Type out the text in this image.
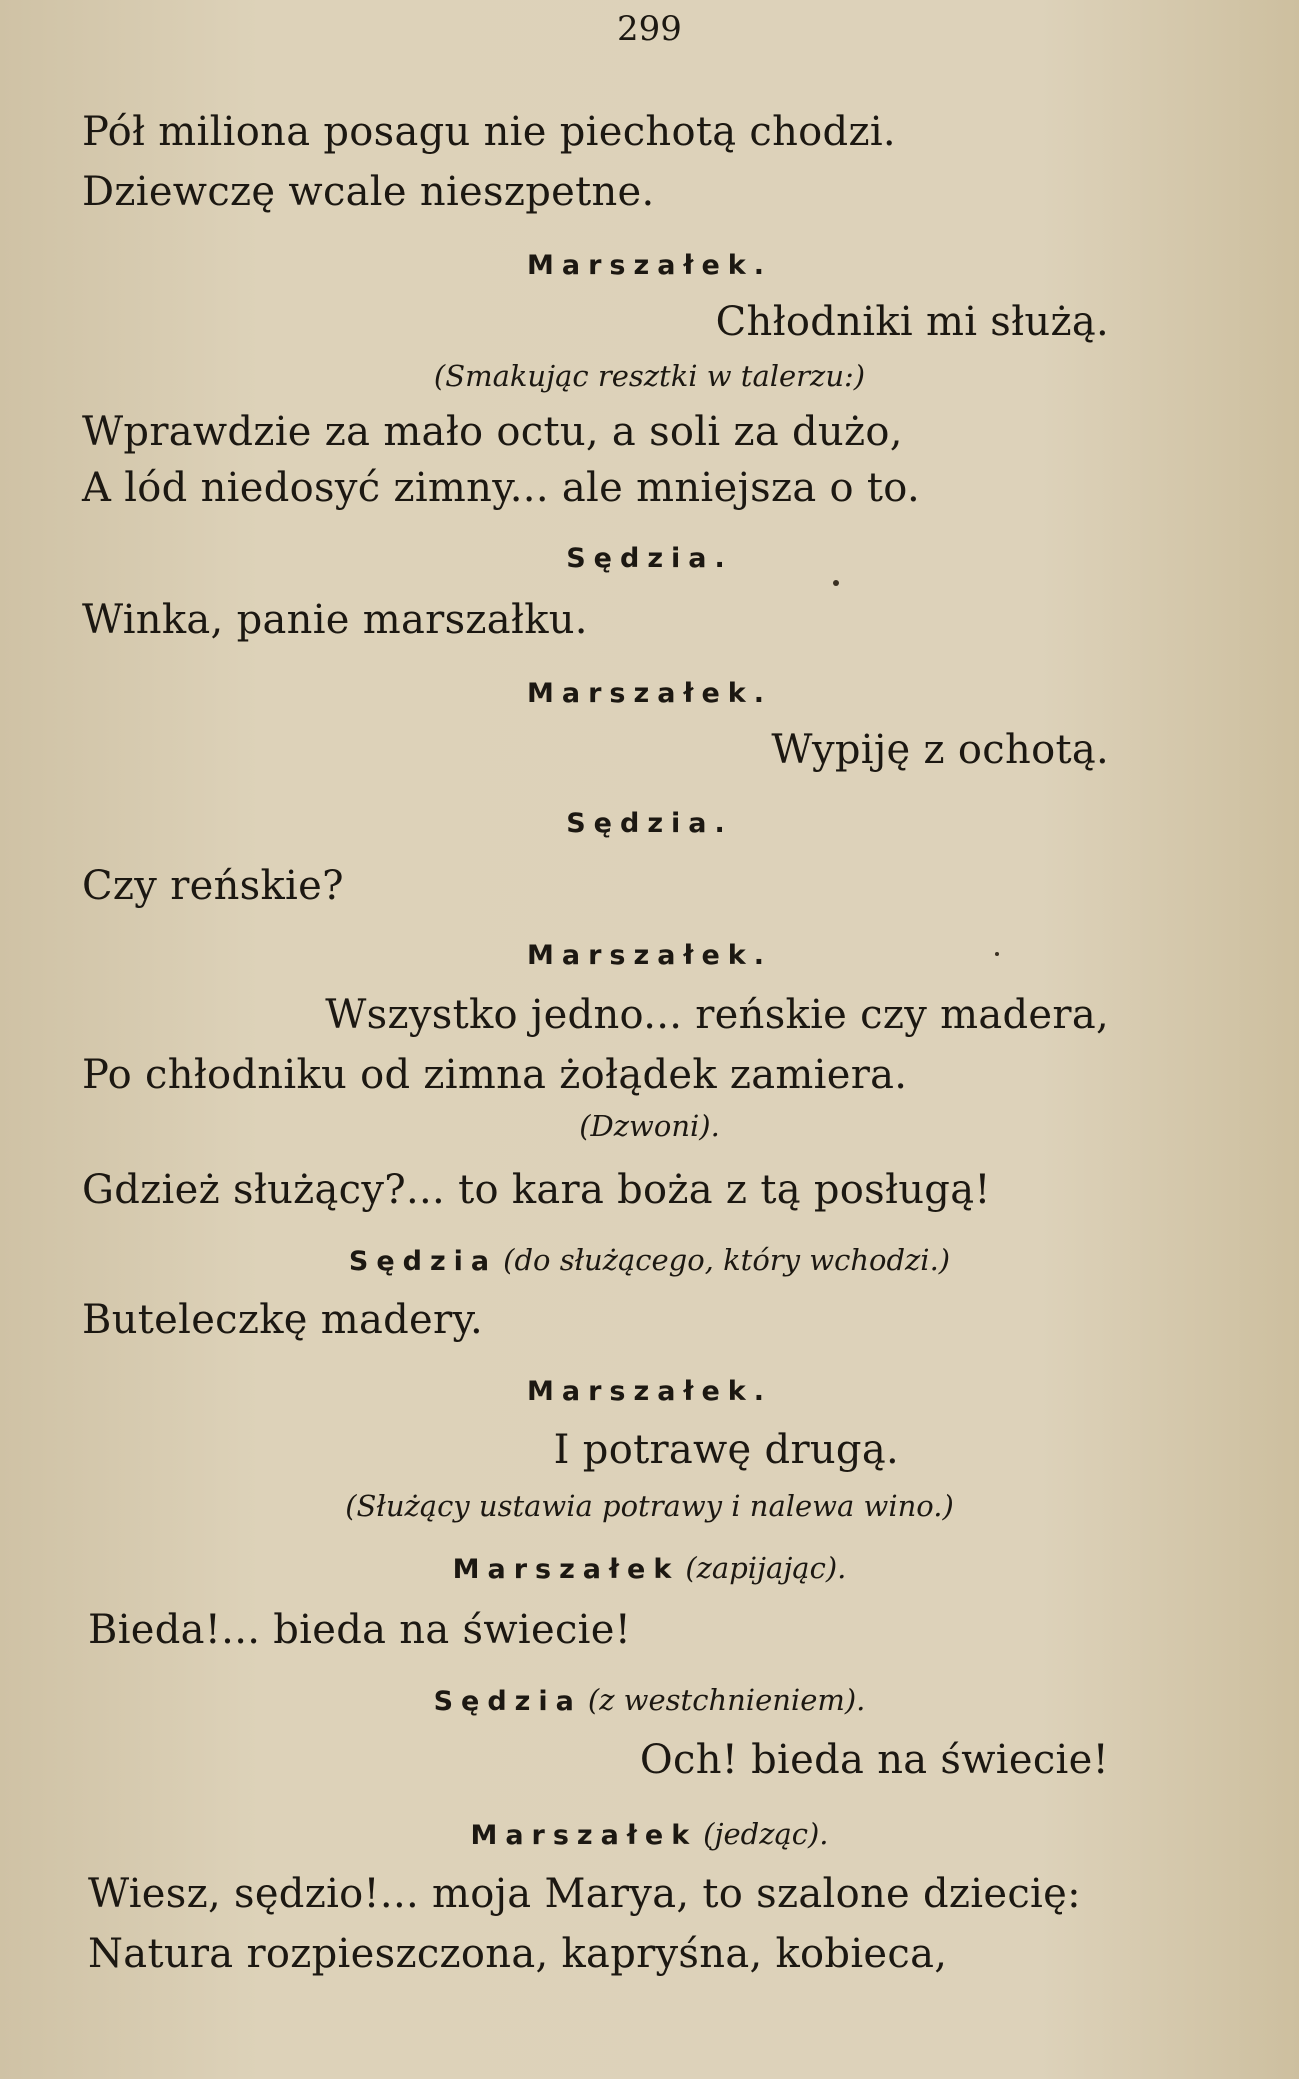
299
Pół miliona posagu nie piechotą chodzi.
Dziewczę wcale nieszpetne.
Marszałek.
Chłodniki mi służą.
(Smakując resztki w talerzu:)
Wprawdzie za mało octu, a soli za dużo,
A lód niedosyć zimny... ale mniejsza o to.
Sędzia.
Winka, panie marszałku.
Marszałek.
Wypiję z ochotą.
Sędzia.
Czy reńskie?
Marszałek.
Wszystko jedno... reńskie czy madera,
Po chłodniku od zimna żołądek zamiera.
(Dzwoni).
Gdzież służący?... to kara boża z tą posługą!
Sędzia (do służącego, który wchodzi.)
Buteleczkę madery.
Marszałek.
I potrawę drugą.
(Służący ustawia potrawy i nalewa wino.)
Marszałek (zapijając).
Bieda!... bieda na świecie!
Sędzia (z westchnieniem).
Och! bieda na świecie!
Marszałek (jedząc).
Wiesz, sędzio!... moja Marya, to szalone dziecię:
Natura rozpieszczona, kapryśna, kobieca,
